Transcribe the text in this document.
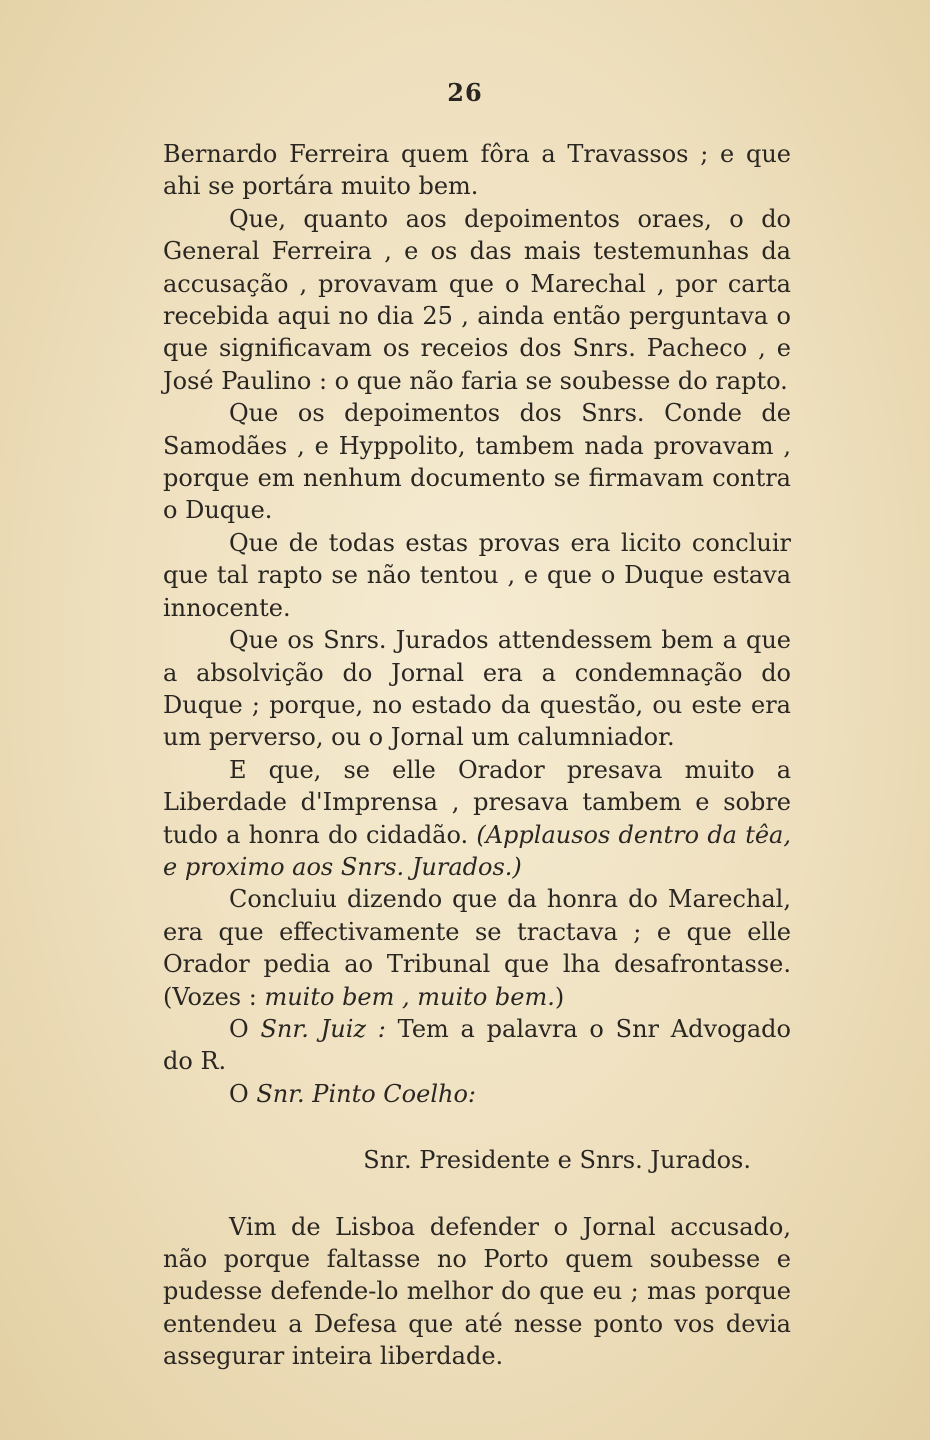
26

Bernardo Ferreira quem fôra a Travassos ; e que ahi se portára muito bem.

Que, quanto aos depoimentos oraes, o do General Ferreira , e os das mais testemunhas da accusação , provavam que o Marechal , por carta recebida aqui no dia 25 , ainda então perguntava o que significavam os receios dos Snrs. Pacheco , e José Paulino : o que não faria se soubesse do rapto.

Que os depoimentos dos Snrs. Conde de Samodães , e Hyppolito, tambem nada provavam , porque em nenhum documento se firmavam contra o Duque.

Que de todas estas provas era licito concluir que tal rapto se não tentou , e que o Duque estava innocente.

Que os Snrs. Jurados attendessem bem a que a absolvição do Jornal era a condemnação do Duque ; porque, no estado da questão, ou este era um perverso, ou o Jornal um calumniador.

E que, se elle Orador presava muito a Liberdade d'Imprensa , presava tambem e sobre tudo a honra do cidadão. (Applausos dentro da têa, e proximo aos Snrs. Jurados.)

Concluiu dizendo que da honra do Marechal, era que effectivamente se tractava ; e que elle Orador pedia ao Tribunal que lha desafrontasse. (Vozes : muito bem , muito bem.)

O Snr. Juiz : Tem a palavra o Snr Advogado do R.

O Snr. Pinto Coelho:

Snr. Presidente e Snrs. Jurados.

Vim de Lisboa defender o Jornal accusado, não porque faltasse no Porto quem soubesse e pudesse defende-lo melhor do que eu ; mas porque entendeu a Defesa que até nesse ponto vos devia assegurar inteira liberdade.
